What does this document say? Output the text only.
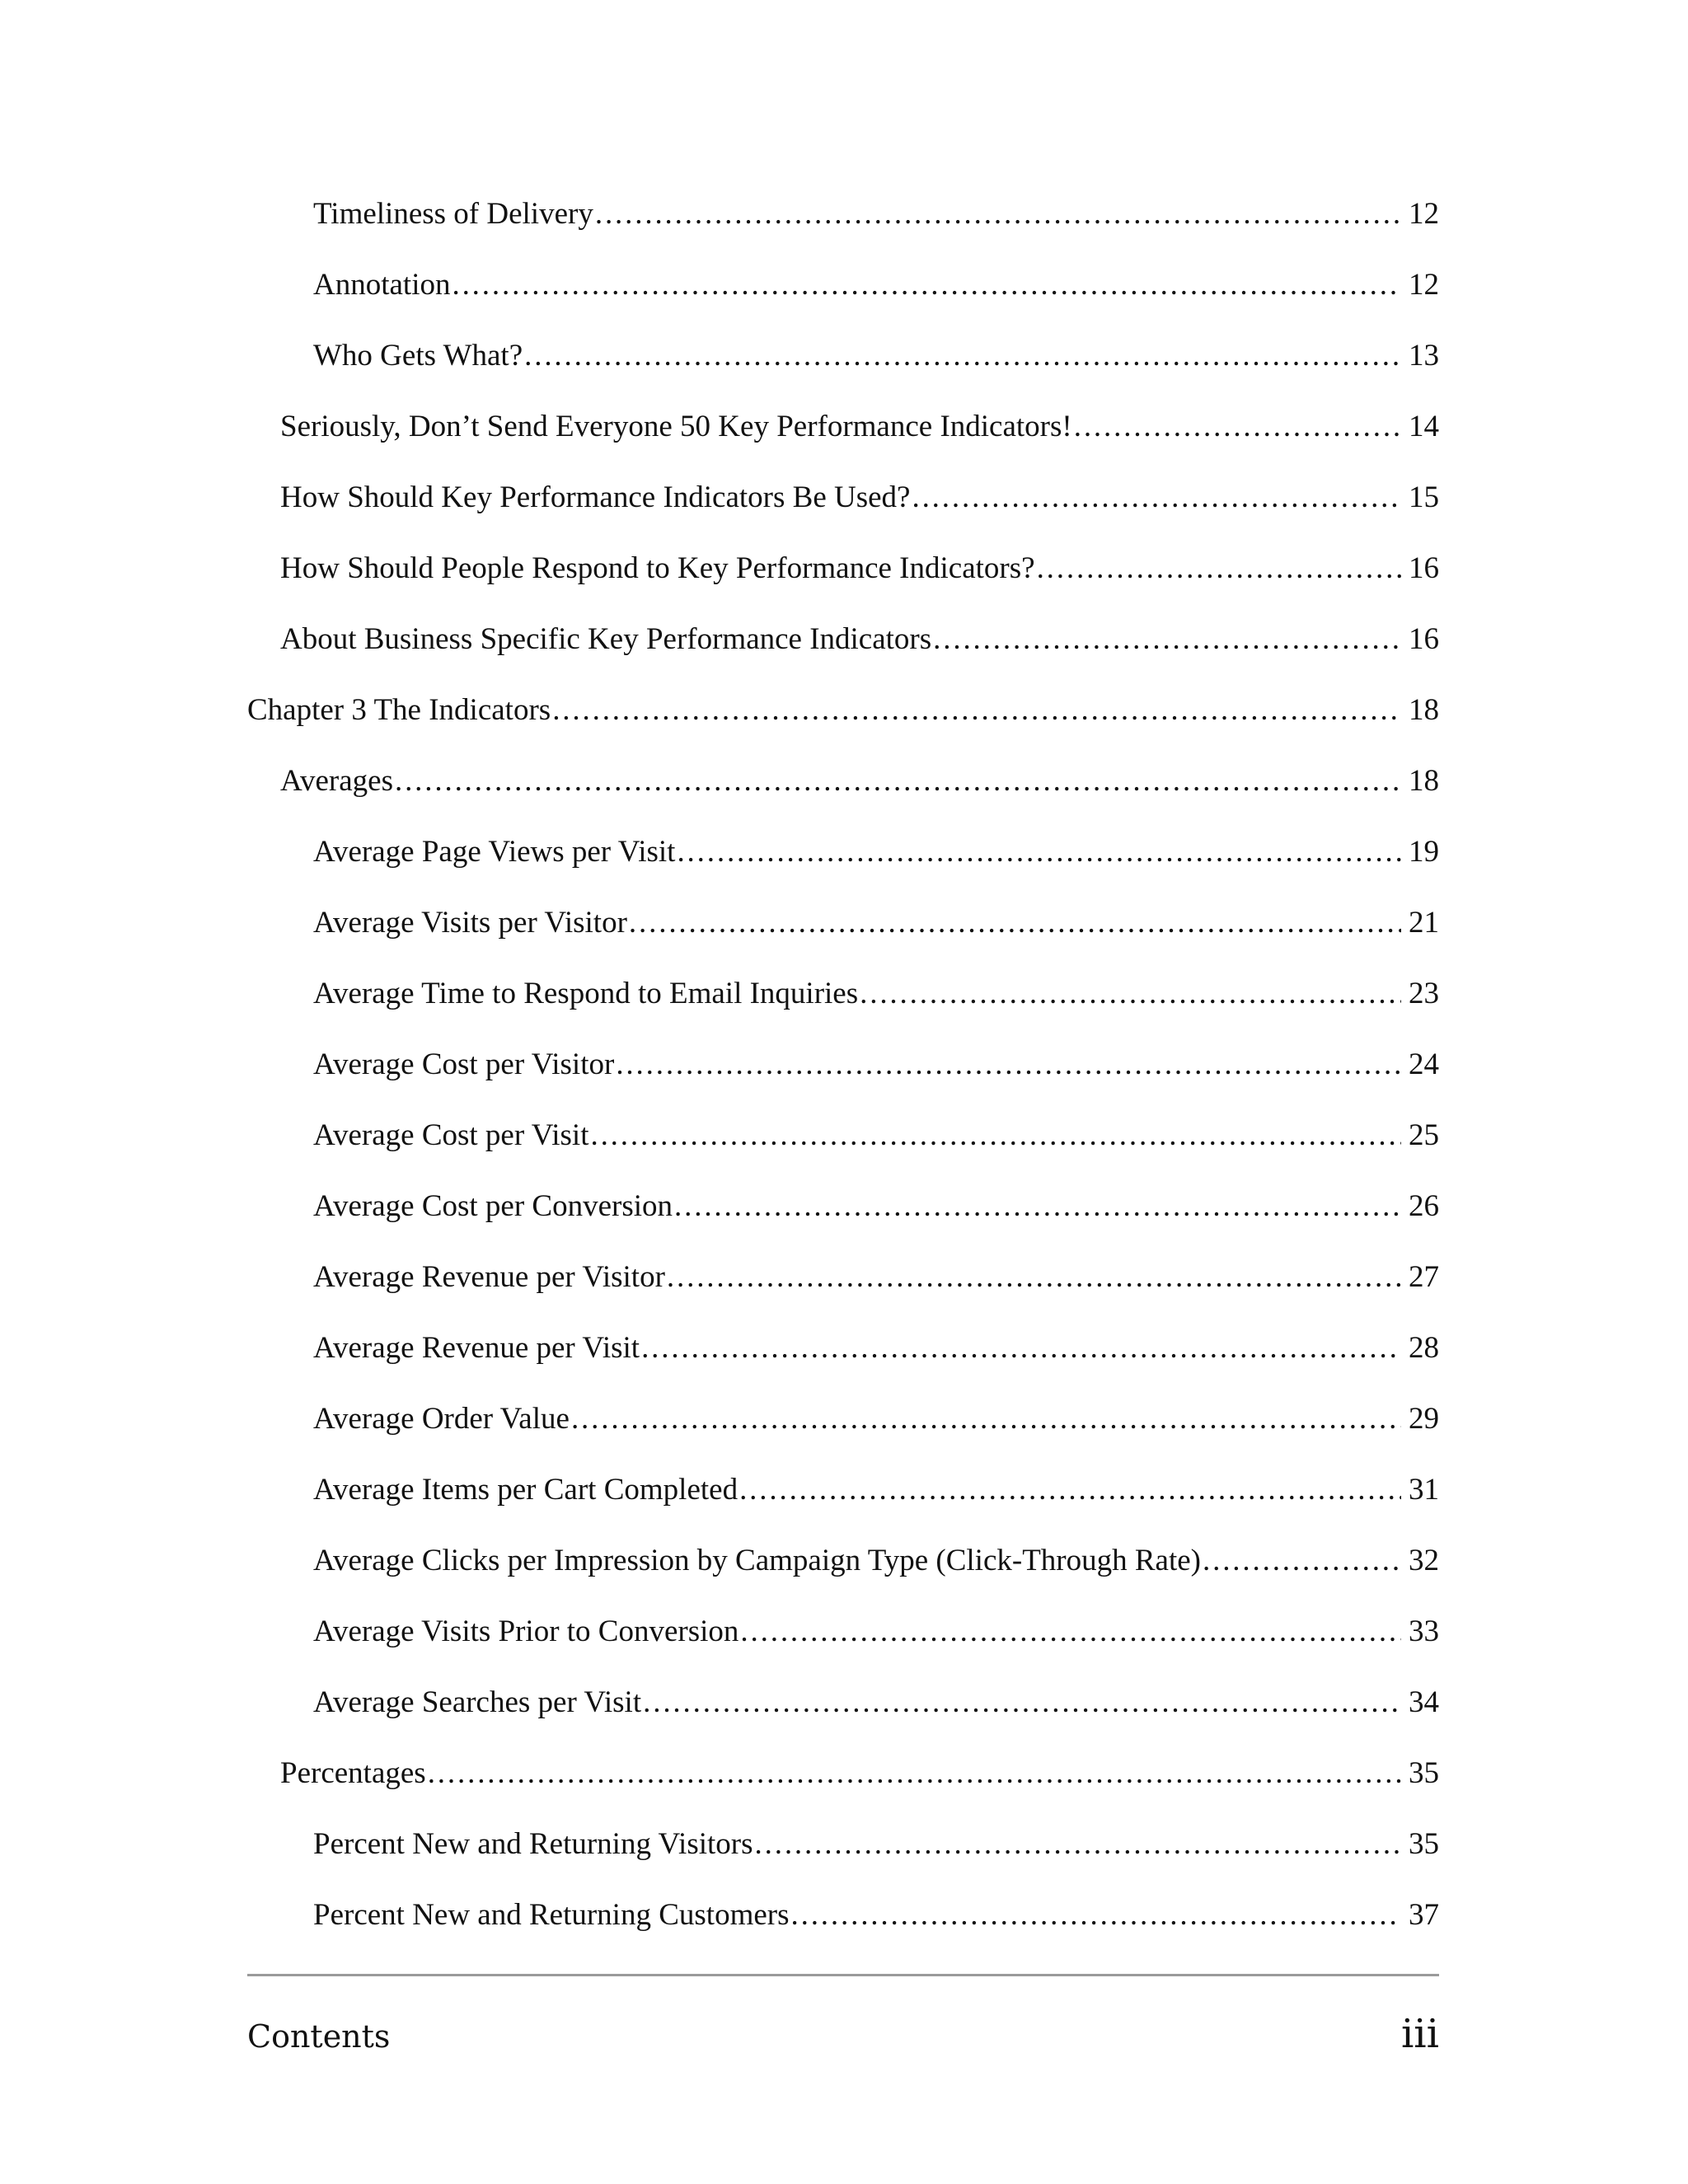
Timeliness of Delivery . . .	12
Annotation . . .	12
Who Gets What? . . .	13
Seriously, Don’t Send Everyone 50 Key Performance Indicators! . . .	14
How Should Key Performance Indicators Be Used? . . .	15
How Should People Respond to Key Performance Indicators? . . .	16
About Business Specific Key Performance Indicators . . .	16
Chapter 3 The Indicators . . .	18
Averages . . .	18
Average Page Views per Visit . . .	19
Average Visits per Visitor . . .	21
Average Time to Respond to Email Inquiries . . .	23
Average Cost per Visitor . . .	24
Average Cost per Visit . . .	25
Average Cost per Conversion . . .	26
Average Revenue per Visitor . . .	27
Average Revenue per Visit . . .	28
Average Order Value . . .	29
Average Items per Cart Completed . . .	31
Average Clicks per Impression by Campaign Type (Click-Through Rate) . . .	32
Average Visits Prior to Conversion . . .	33
Average Searches per Visit . . .	34
Percentages . . .	35
Percent New and Returning Visitors . . .	35
Percent New and Returning Customers . . .	37
Contents	iii
